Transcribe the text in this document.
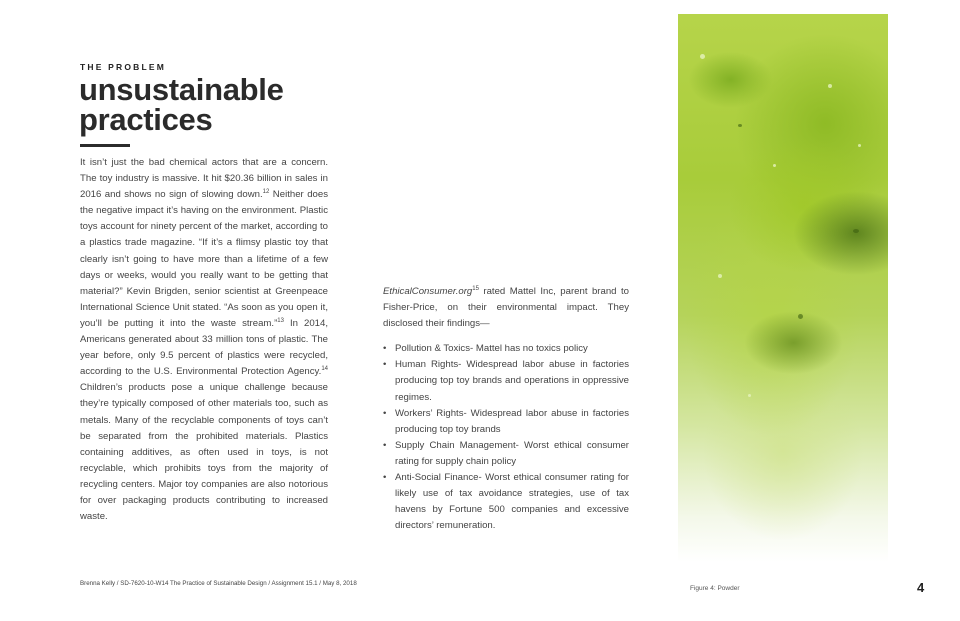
THE PROBLEM
unsustainable
practices

It isn’t just the bad chemical actors that are a concern. The toy industry is massive. It hit $20.36 billion in sales in 2016 and shows no sign of slowing down.$^{12}$ Neither does the negative impact it’s having on the environment. Plastic toys account for ninety percent of the market, according to a plastics trade magazine. “If it’s a flimsy plastic toy that clearly isn’t going to have more than a lifetime of a few days or weeks, would you really want to be getting that material?” Kevin Brigden, senior scientist at Greenpeace International Science Unit stated. “As soon as you open it, you’ll be putting it into the waste stream.”$^{13}$ In 2014, Americans generated about 33 million tons of plastic. The year before, only 9.5 percent of plastics were recycled, according to the U.S. Environmental Protection Agency.$^{14}$ Children’s products pose a unique challenge because they’re typically composed of other materials too, such as metals. Many of the recyclable components of toys can’t be separated from the prohibited materials. Plastics containing additives, as often used in toys, is not recyclable, which prohibits toys from the majority of recycling centers. Major toy companies are also notorious for over packaging products contributing to increased waste.

EthicalConsumer.org$^{15}$ rated Mattel Inc, parent brand to Fisher-Price, on their environmental impact. They disclosed their findings—

• Pollution & Toxics- Mattel has no toxics policy
• Human Rights- Widespread labor abuse in factories producing top toy brands and operations in oppressive regimes.
• Workers’ Rights- Widespread labor abuse in factories producing top toy brands
• Supply Chain Management- Worst ethical consumer rating for supply chain policy
• Anti-Social Finance- Worst ethical consumer rating for likely use of tax avoidance strategies, use of tax havens by Fortune 500 companies and excessive directors’ remuneration.
Brenna Kelly / SD-7620-10-W14 The Practice of Sustainable Design / Assignment 15.1 / May 8, 2018
Figure 4: Powder	4
